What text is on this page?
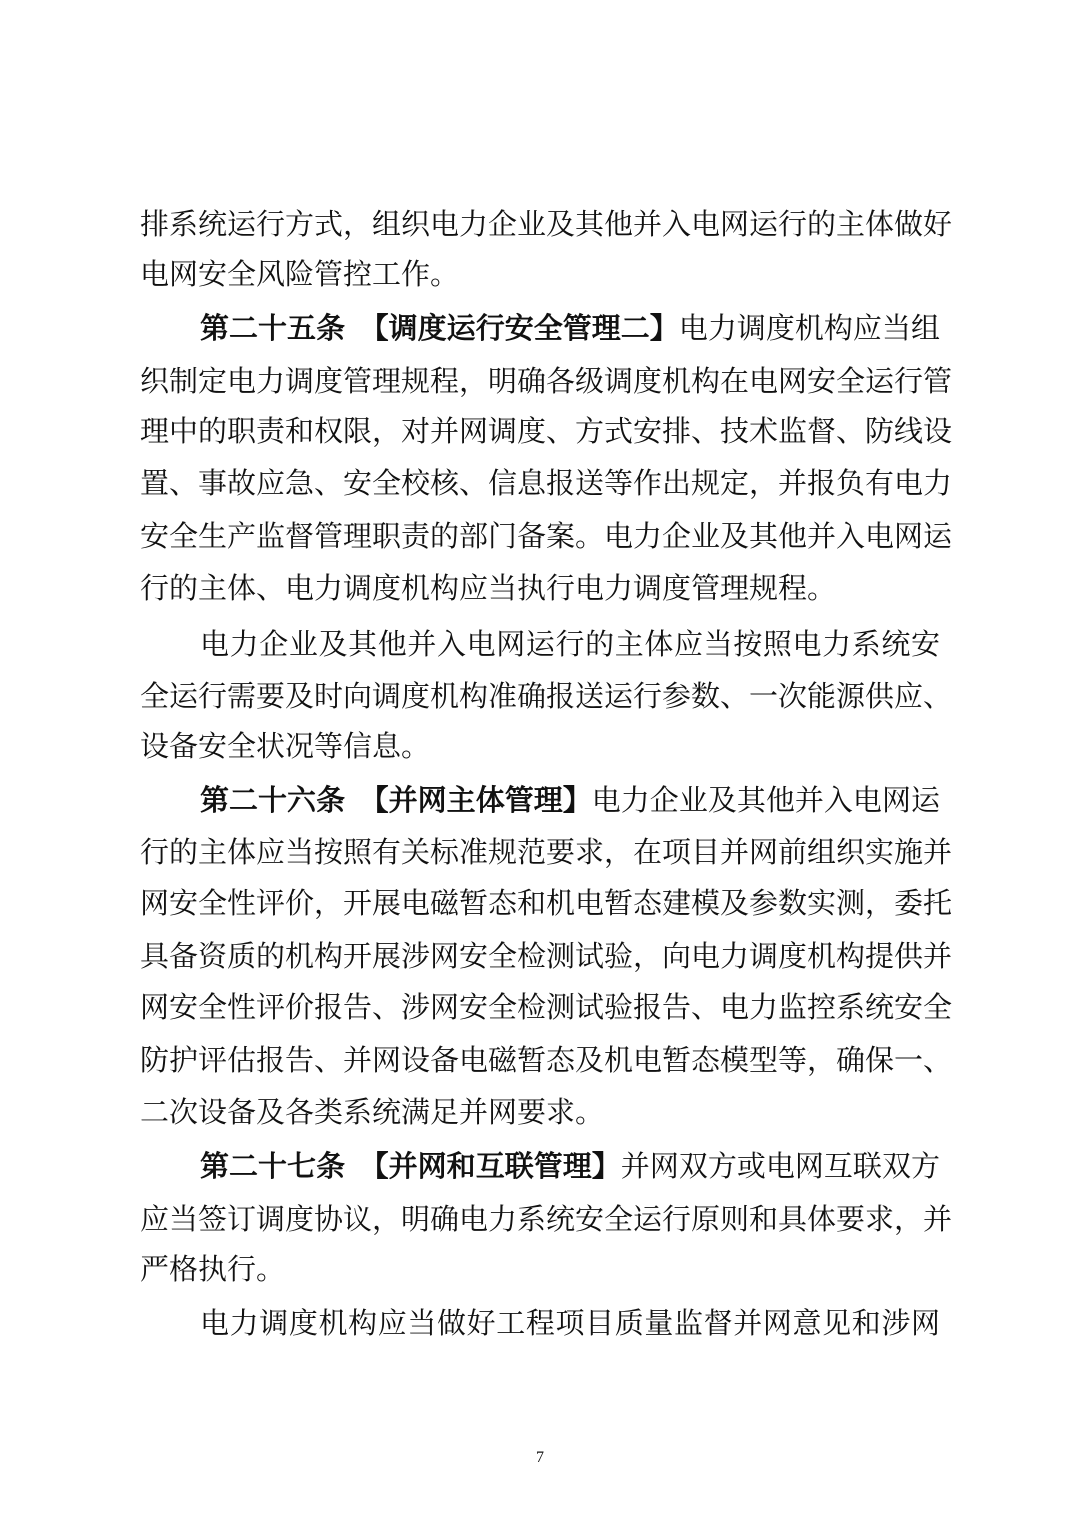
排系统运行方式，组织电力企业及其他并入电网运行的主体做好
电网安全风险管控工作。
第二十五条　 【调度运行安全管理二】电力调度机构应当组
织制定电力调度管理规程，明确各级调度机构在电网安全运行管
理中的职责和权限，对并网调度、方式安排、技术监督、防线设
置、事故应急、安全校核、信息报送等作出规定，并报负有电力
安全生产监督管理职责的部门备案。电力企业及其他并入电网运
行的主体、电力调度机构应当执行电力调度管理规程。
电力企业及其他并入电网运行的主体应当按照电力系统安
全运行需要及时向调度机构准确报送运行参数、一次能源供应、
设备安全状况等信息。
第二十六条　 【并网主体管理】电力企业及其他并入电网运
行的主体应当按照有关标准规范要求，在项目并网前组织实施并
网安全性评价，开展电磁暂态和机电暂态建模及参数实测，委托
具备资质的机构开展涉网安全检测试验，向电力调度机构提供并
网安全性评价报告、涉网安全检测试验报告、电力监控系统安全
防护评估报告、并网设备电磁暂态及机电暂态模型等，确保一、
二次设备及各类系统满足并网要求。
第二十七条　 【并网和互联管理】并网双方或电网互联双方
应当签订调度协议，明确电力系统安全运行原则和具体要求，并
严格执行。
电力调度机构应当做好工程项目质量监督并网意见和涉网
7
